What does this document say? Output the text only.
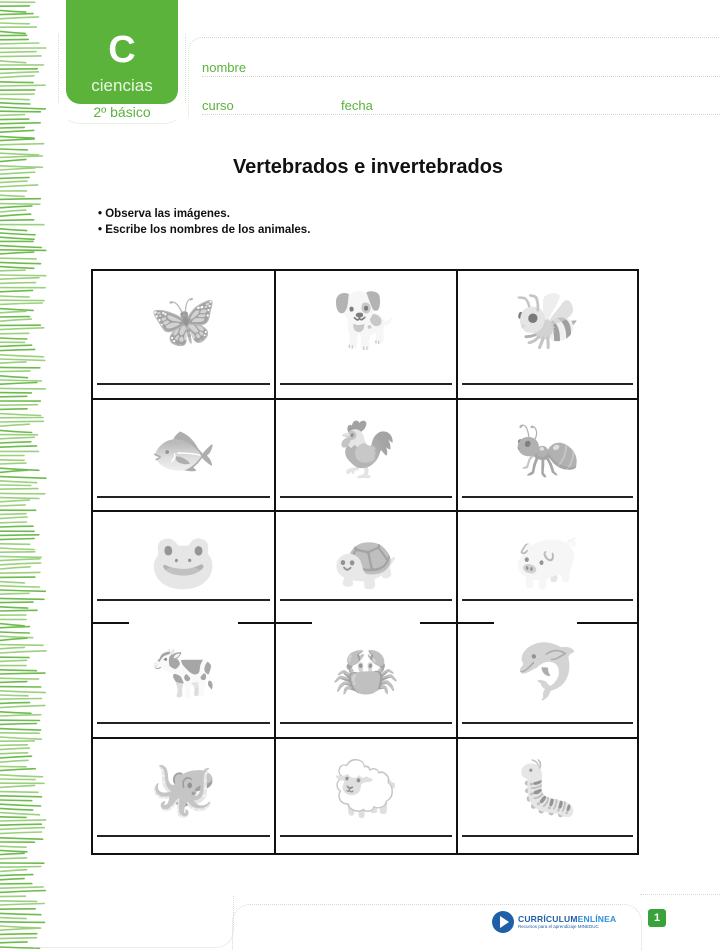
C
ciencias
2º básico
nombre
curso	fecha
Vertebrados e invertebrados
• Observa las imágenes.
• Escribe los nombres de los animales.
🦋	🐕	🐝
🐟	🐓	🐜
🐸	🐢	🐖
🐄	🦀	🐬
🐙	🐑	🐛
CURRÍCULUMENLÍNEA
Recursos para el aprendizaje MINEDUC
1
